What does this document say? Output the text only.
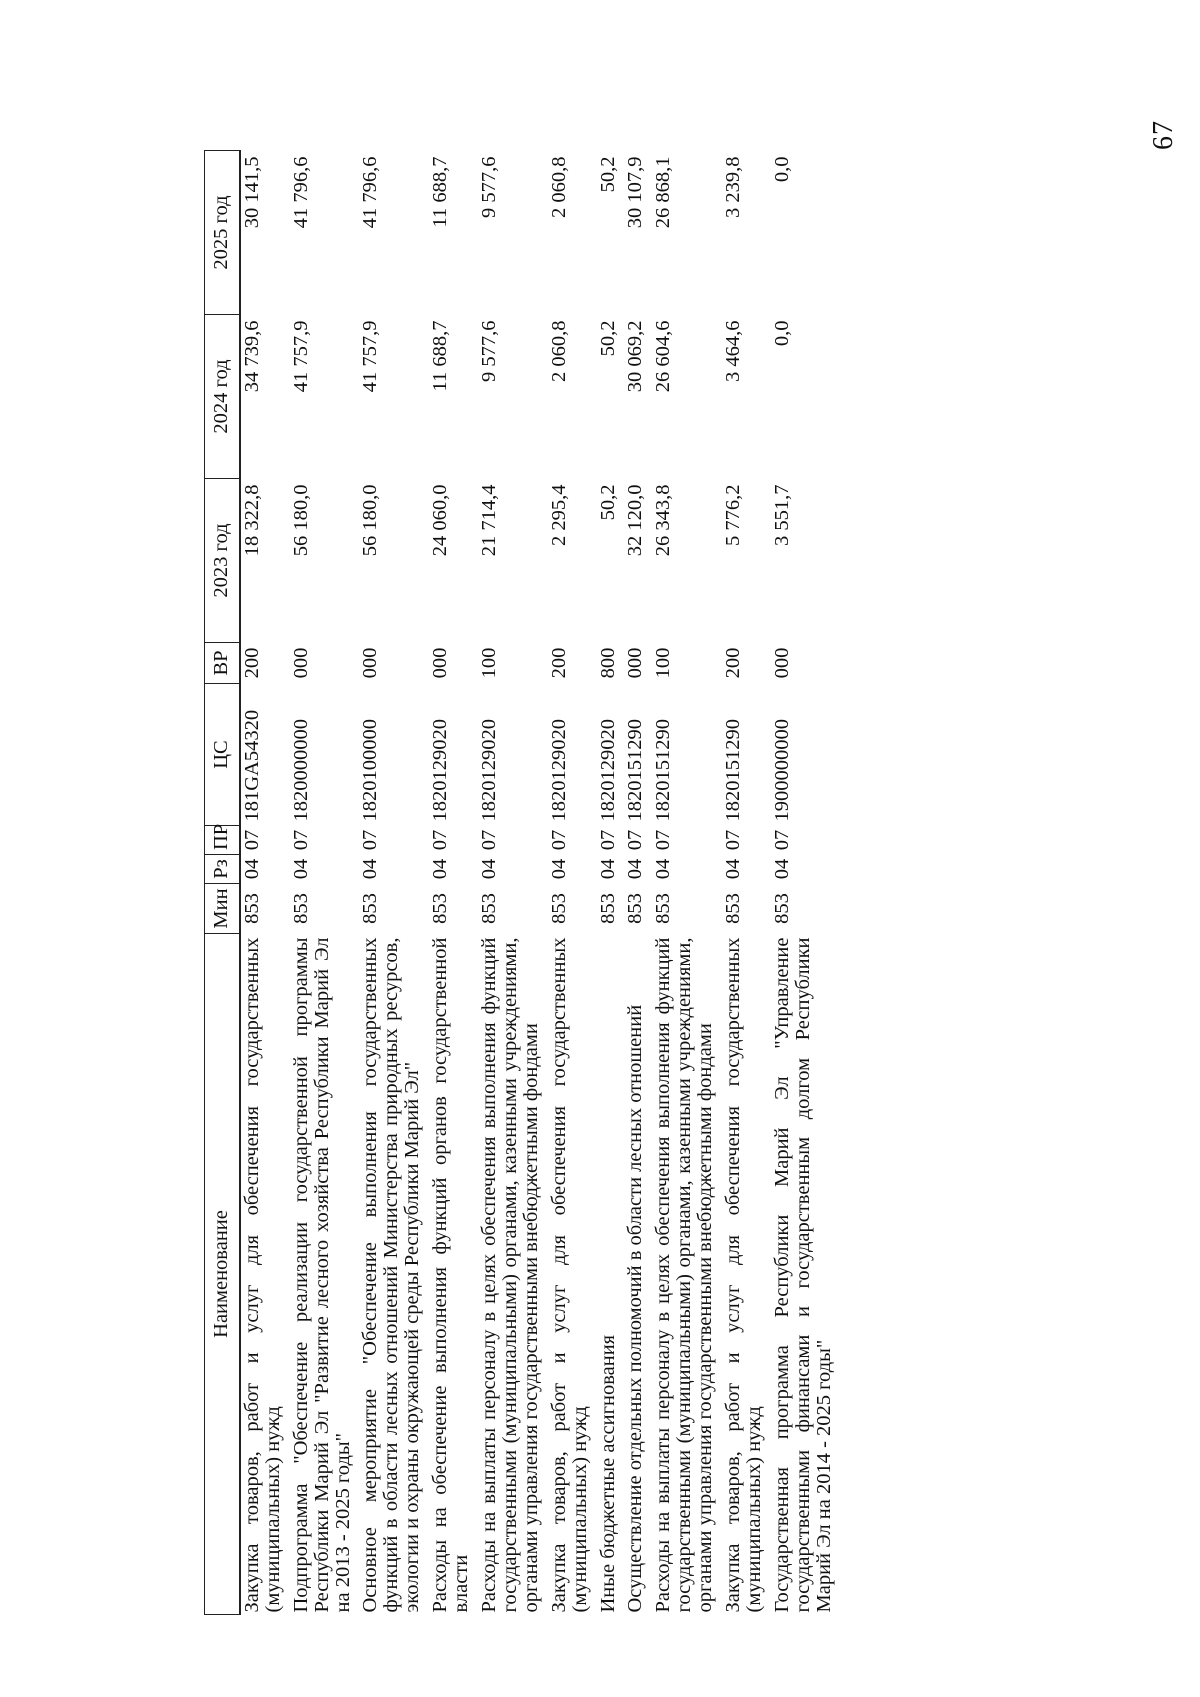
67
Наименование	Мин	Рз	ПР	ЦС	ВР	2023 год	2024 год	2025 год
Закупка товаров, работ и услуг для обеспечения государственных (муниципальных) нужд	853	04	07	181GA54320	200	18 322,8	34 739,6	30 141,5
Подпрограмма "Обеспечение реализации государственной программы Республики Марий Эл "Развитие лесного хозяйства Республики Марий Эл на 2013 - 2025 годы"	853	04	07	1820000000	000	56 180,0	41 757,9	41 796,6
Основное мероприятие "Обеспечение выполнения государственных функций в области лесных отношений Министерства природных ресурсов, экологии и охраны окружающей среды Республики Марий Эл"	853	04	07	1820100000	000	56 180,0	41 757,9	41 796,6
Расходы на обеспечение выполнения функций органов государственной власти	853	04	07	1820129020	000	24 060,0	11 688,7	11 688,7
Расходы на выплаты персоналу в целях обеспечения выполнения функций государственными (муниципальными) органами, казенными учреждениями, органами управления государственными внебюджетными фондами	853	04	07	1820129020	100	21 714,4	9 577,6	9 577,6
Закупка товаров, работ и услуг для обеспечения государственных (муниципальных) нужд	853	04	07	1820129020	200	2 295,4	2 060,8	2 060,8
Иные бюджетные ассигнования	853	04	07	1820129020	800	50,2	50,2	50,2
Осуществление отдельных полномочий в области лесных отношений	853	04	07	1820151290	000	32 120,0	30 069,2	30 107,9
Расходы на выплаты персоналу в целях обеспечения выполнения функций государственными (муниципальными) органами, казенными учреждениями, органами управления государственными внебюджетными фондами	853	04	07	1820151290	100	26 343,8	26 604,6	26 868,1
Закупка товаров, работ и услуг для обеспечения государственных (муниципальных) нужд	853	04	07	1820151290	200	5 776,2	3 464,6	3 239,8
Государственная программа Республики Марий Эл "Управление государственными финансами и государственным долгом Республики Марий Эл на 2014 - 2025 годы"	853	04	07	1900000000	000	3 551,7	0,0	0,0
